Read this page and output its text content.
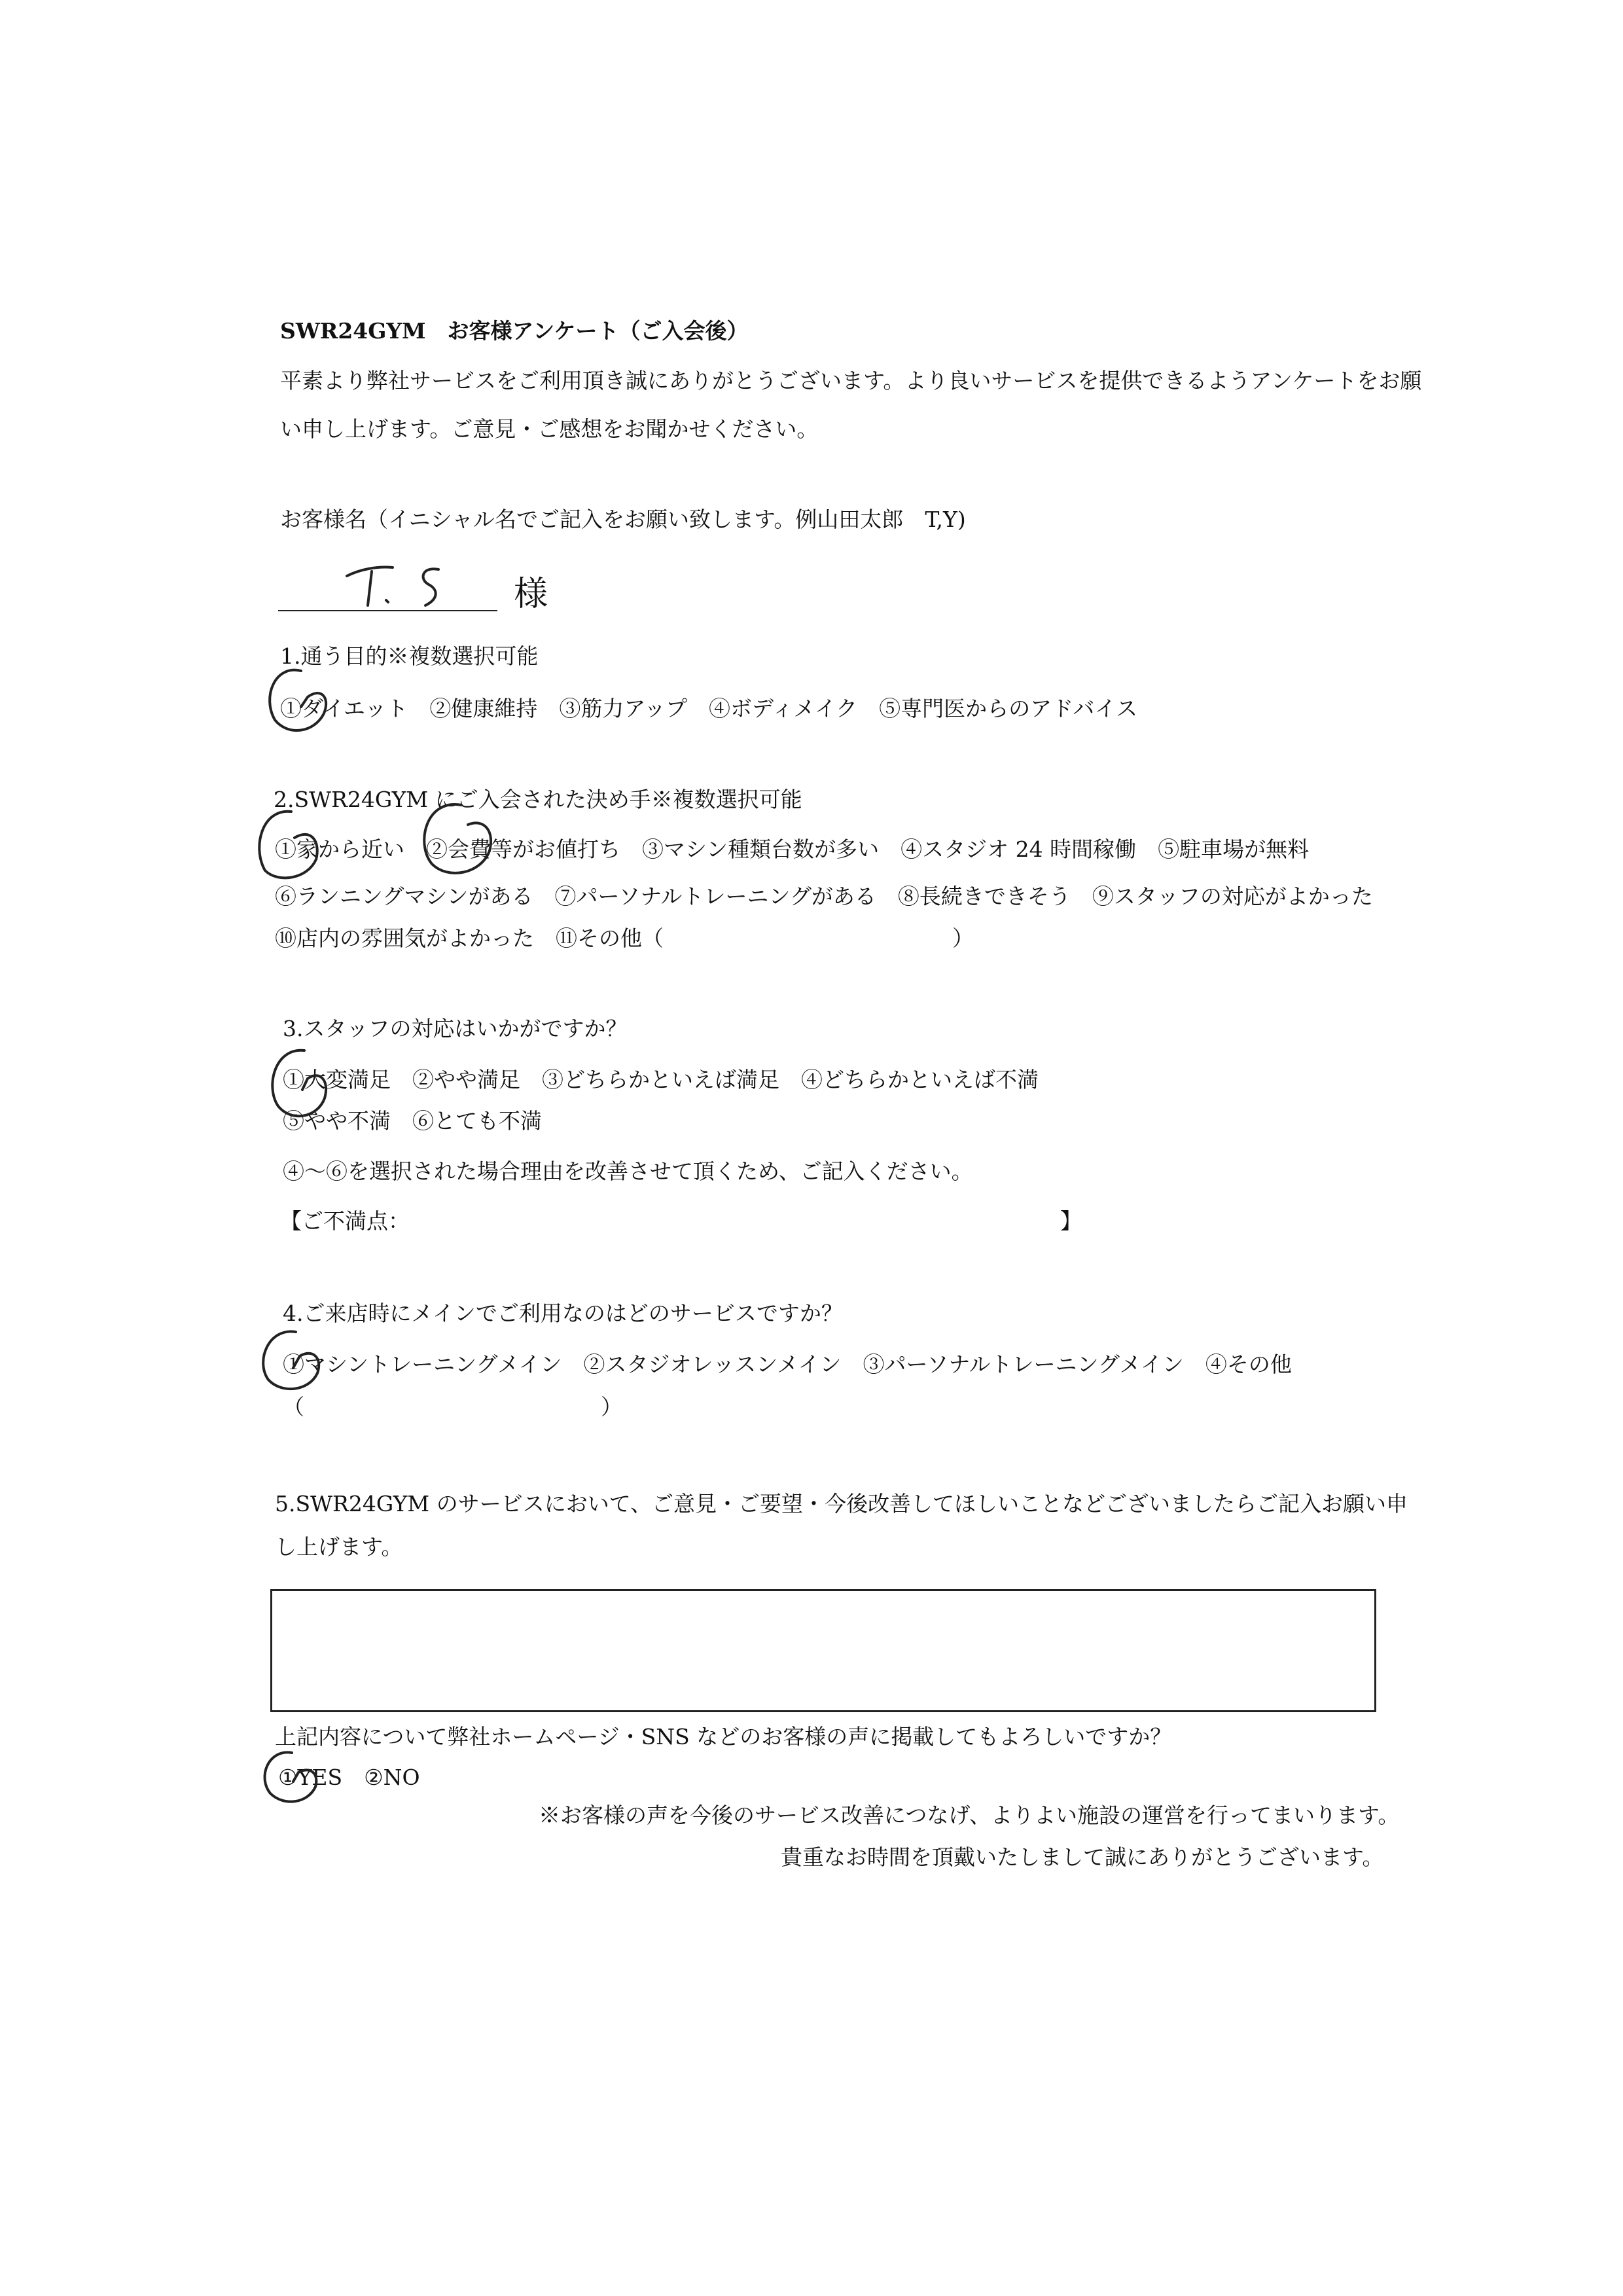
SWR24GYM　お客様アンケート（ご入会後）
平素より弊社サービスをご利用頂き誠にありがとうございます。より良いサービスを提供できるようアンケートをお願
い申し上げます。ご意見・ご感想をお聞かせください。
お客様名（イニシャル名でご記入をお願い致します。例山田太郎　T,Y)
様
1.通う目的※複数選択可能
①ダイエット　②健康維持　③筋力アップ　④ボディメイク　⑤専門医からのアドバイス
2.SWR24GYM にご入会された決め手※複数選択可能
①家から近い　②会費等がお値打ち　③マシン種類台数が多い　④スタジオ 24 時間稼働　⑤駐車場が無料
⑥ランニングマシンがある　⑦パーソナルトレーニングがある　⑧長続きできそう　⑨スタッフの対応がよかった
⑩店内の雰囲気がよかった　⑪その他（	）
3.スタッフの対応はいかがですか？
①大変満足　②やや満足　③どちらかといえば満足　④どちらかといえば不満
⑤やや不満　⑥とても不満
④～⑥を選択された場合理由を改善させて頂くため、ご記入ください。
【ご不満点：	】
4.ご来店時にメインでご利用なのはどのサービスですか？
①マシントレーニングメイン　②スタジオレッスンメイン　③パーソナルトレーニングメイン　④その他
（	）
5.SWR24GYM のサービスにおいて、ご意見・ご要望・今後改善してほしいことなどございましたらご記入お願い申
し上げます。
上記内容について弊社ホームページ・SNS などのお客様の声に掲載してもよろしいですか？
①YES　②NO
※お客様の声を今後のサービス改善につなげ、よりよい施設の運営を行ってまいります。
貴重なお時間を頂戴いたしまして誠にありがとうございます。
